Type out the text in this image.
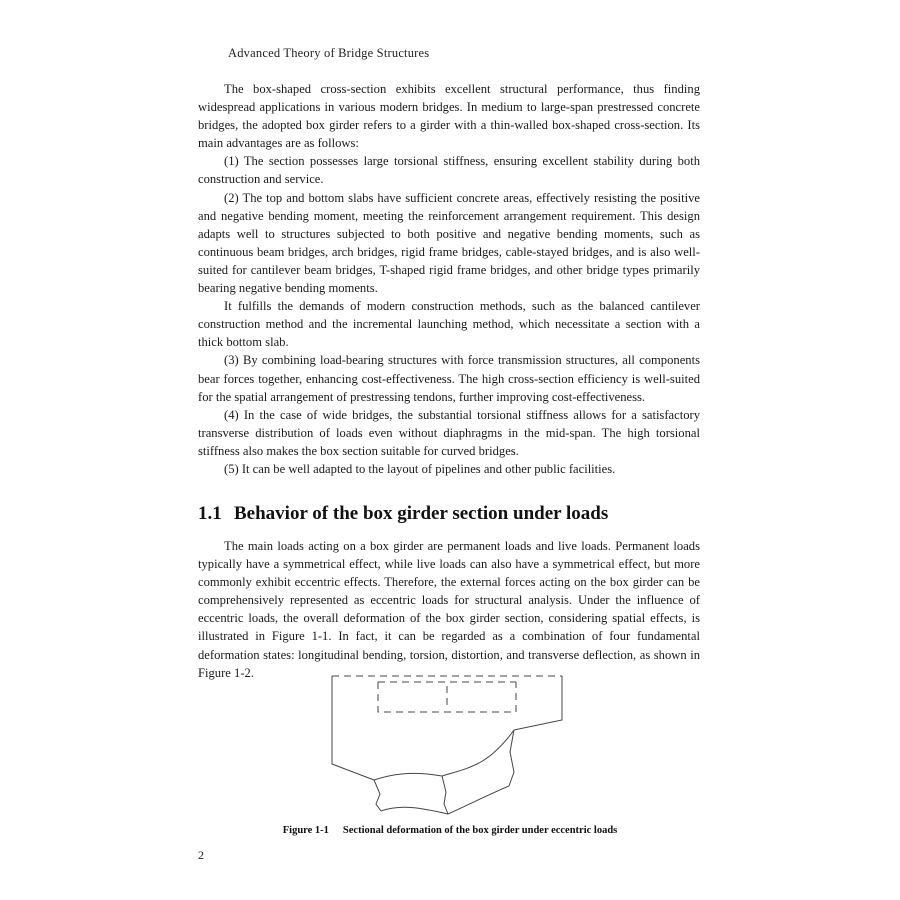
Advanced Theory of Bridge Structures

The box-shaped cross-section exhibits excellent structural performance, thus finding widespread applications in various modern bridges. In medium to large-span prestressed concrete bridges, the adopted box girder refers to a girder with a thin-walled box-shaped cross-section. Its main advantages are as follows:

(1) The section possesses large torsional stiffness, ensuring excellent stability during both construction and service.

(2) The top and bottom slabs have sufficient concrete areas, effectively resisting the positive and negative bending moment, meeting the reinforcement arrangement requirement. This design adapts well to structures subjected to both positive and negative bending moments, such as continuous beam bridges, arch bridges, rigid frame bridges, cable-stayed bridges, and is also well-suited for cantilever beam bridges, T-shaped rigid frame bridges, and other bridge types primarily bearing negative bending moments.

It fulfills the demands of modern construction methods, such as the balanced cantilever construction method and the incremental launching method, which necessitate a section with a thick bottom slab.

(3) By combining load-bearing structures with force transmission structures, all components bear forces together, enhancing cost-effectiveness. The high cross-section efficiency is well-suited for the spatial arrangement of prestressing tendons, further improving cost-effectiveness.

(4) In the case of wide bridges, the substantial torsional stiffness allows for a satisfactory transverse distribution of loads even without diaphragms in the mid-span. The high torsional stiffness also makes the box section suitable for curved bridges.

(5) It can be well adapted to the layout of pipelines and other public facilities.

1.1 Behavior of the box girder section under loads

The main loads acting on a box girder are permanent loads and live loads. Permanent loads typically have a symmetrical effect, while live loads can also have a symmetrical effect, but more commonly exhibit eccentric effects. Therefore, the external forces acting on the box girder can be comprehensively represented as eccentric loads for structural analysis. Under the influence of eccentric loads, the overall deformation of the box girder section, considering spatial effects, is illustrated in Figure 1-1. In fact, it can be regarded as a combination of four fundamental deformation states: longitudinal bending, torsion, distortion, and transverse deflection, as shown in Figure 1-2.

Figure 1-1 Sectional deformation of the box girder under eccentric loads
2
